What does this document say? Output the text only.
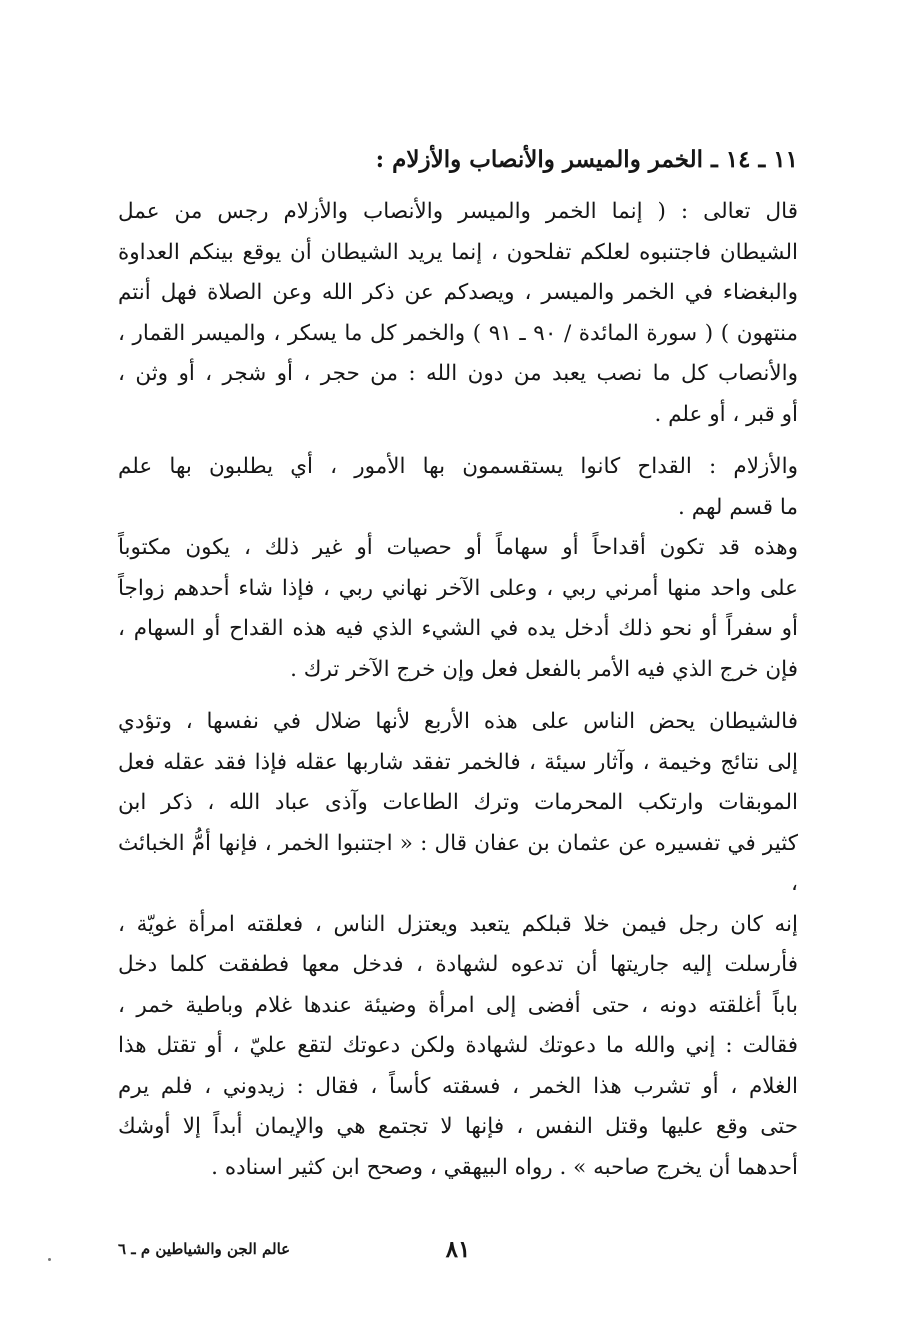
١١ ـ ١٤ ـ الخمر والميسر والأنصاب والأزلام :

قال تعالى : ( إنما الخمر والميسر والأنصاب والأزلام رجس من عمل
الشيطان فاجتنبوه لعلكم تفلحون ، إنما يريد الشيطان أن يوقع بينكم العداوة
والبغضاء في الخمر والميسر ، ويصدكم عن ذكر الله وعن الصلاة فهل أنتم
منتهون ) ( سورة المائدة / ٩٠ ـ ٩١ ) والخمر كل ما يسكر ، والميسر القمار ،
والأنصاب كل ما نصب يعبد من دون الله : من حجر ، أو شجر ، أو وثن ،
أو قبر ، أو علم .

والأزلام : القداح كانوا يستقسمون بها الأمور ، أي يطلبون بها علم
ما قسم لهم .

وهذه قد تكون أقداحاً أو سهاماً أو حصيات أو غير ذلك ، يكون مكتوباً
على واحد منها أمرني ربي ، وعلى الآخر نهاني ربي ، فإذا شاء أحدهم زواجاً
أو سفراً أو نحو ذلك أدخل يده في الشيء الذي فيه هذه القداح أو السهام ،
فإن خرج الذي فيه الأمر بالفعل فعل وإن خرج الآخر ترك .

فالشيطان يحض الناس على هذه الأربع لأنها ضلال في نفسها ، وتؤدي
إلى نتائج وخيمة ، وآثار سيئة ، فالخمر تفقد شاربها عقله فإذا فقد عقله فعل
الموبقات وارتكب المحرمات وترك الطاعات وآذى عباد الله ، ذكر ابن
كثير في تفسيره عن عثمان بن عفان قال : « اجتنبوا الخمر ، فإنها أمُّ الخبائث ،
إنه كان رجل فيمن خلا قبلكم يتعبد ويعتزل الناس ، فعلقته امرأة غويّة ،
فأرسلت إليه جاريتها أن تدعوه لشهادة ، فدخل معها فطفقت كلما دخل
باباً أغلقته دونه ، حتى أفضى إلى امرأة وضيئة عندها غلام وباطية خمر ،
فقالت : إني والله ما دعوتك لشهادة ولكن دعوتك لتقع عليّ ، أو تقتل هذا
الغلام ، أو تشرب هذا الخمر ، فسقته كأساً ، فقال : زيدوني ، فلم يرم
حتى وقع عليها وقتل النفس ، فإنها لا تجتمع هي والإيمان أبداً إلا أوشك
أحدهما أن يخرج صاحبه » . رواه البيهقي ، وصحح ابن كثير اسناده .

٨١
عالم الجن والشياطين م ـ ٦
